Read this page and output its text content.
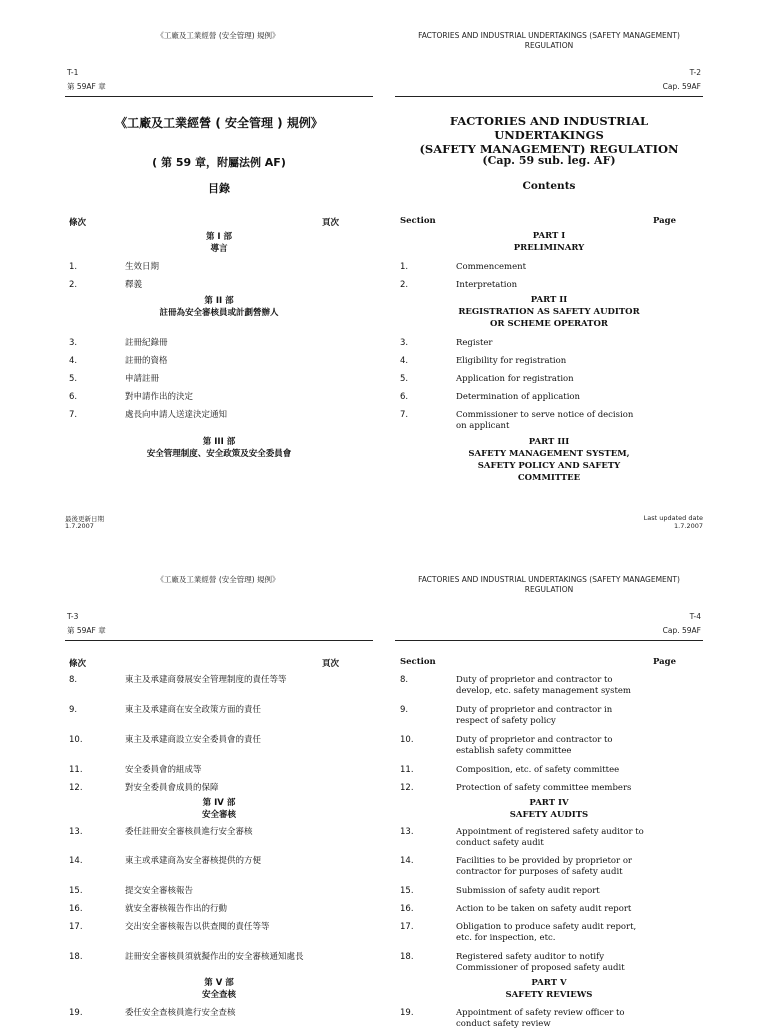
《工廠及工業經營 (安全管理) 規例》
T-1
第 59AF 章
《工廠及工業經營 ( 安全管理 ) 規例》
( 第 59 章，附屬法例 AF)
目錄
條次	頁次
第 I 部
導言
1.	生效日期
2.	釋義
第 II 部
註冊為安全審核員或計劃營辦人
3.	註冊紀錄冊
4.	註冊的資格
5.	申請註冊
6.	對申請作出的決定
7.	處長向申請人送達決定通知
第 III 部
安全管理制度、安全政策及安全委員會
最後更新日期
1.7.2007
FACTORIES AND INDUSTRIAL UNDERTAKINGS (SAFETY MANAGEMENT)
REGULATION
T-2
Cap. 59AF
FACTORIES AND INDUSTRIAL UNDERTAKINGS
(SAFETY MANAGEMENT) REGULATION
(Cap. 59 sub. leg. AF)
Contents
Section	Page
PART I
PRELIMINARY
1.	Commencement
2.	Interpretation
PART II
REGISTRATION AS SAFETY AUDITOR
OR SCHEME OPERATOR
3.	Register
4.	Eligibility for registration
5.	Application for registration
6.	Determination of application
7.	Commissioner to serve notice of decision on applicant
PART III
SAFETY MANAGEMENT SYSTEM,
SAFETY POLICY AND SAFETY
COMMITTEE
Last updated date
1.7.2007
《工廠及工業經營 (安全管理) 規例》
T-3
第 59AF 章
條次	頁次
8.	東主及承建商發展安全管理制度的責任等等
9.	東主及承建商在安全政策方面的責任
10.	東主及承建商設立安全委員會的責任
11.	安全委員會的組成等
12.	對安全委員會成員的保障
第 IV 部
安全審核
13.	委任註冊安全審核員進行安全審核
14.	東主或承建商為安全審核提供的方便
15.	提交安全審核報告
16.	就安全審核報告作出的行動
17.	交出安全審核報告以供查閱的責任等等
18.	註冊安全審核員須就擬作出的安全審核通知處長
第 V 部
安全查核
19.	委任安全查核員進行安全查核
FACTORIES AND INDUSTRIAL UNDERTAKINGS (SAFETY MANAGEMENT)
REGULATION
T-4
Cap. 59AF
Section	Page
8.	Duty of proprietor and contractor to develop, etc. safety management system
9.	Duty of proprietor and contractor in respect of safety policy
10.	Duty of proprietor and contractor to establish safety committee
11.	Composition, etc. of safety committee
12.	Protection of safety committee members
PART IV
SAFETY AUDITS
13.	Appointment of registered safety auditor to conduct safety audit
14.	Facilities to be provided by proprietor or contractor for purposes of safety audit
15.	Submission of safety audit report
16.	Action to be taken on safety audit report
17.	Obligation to produce safety audit report, etc. for inspection, etc.
18.	Registered safety auditor to notify Commissioner of proposed safety audit
PART V
SAFETY REVIEWS
19.	Appointment of safety review officer to conduct safety review
